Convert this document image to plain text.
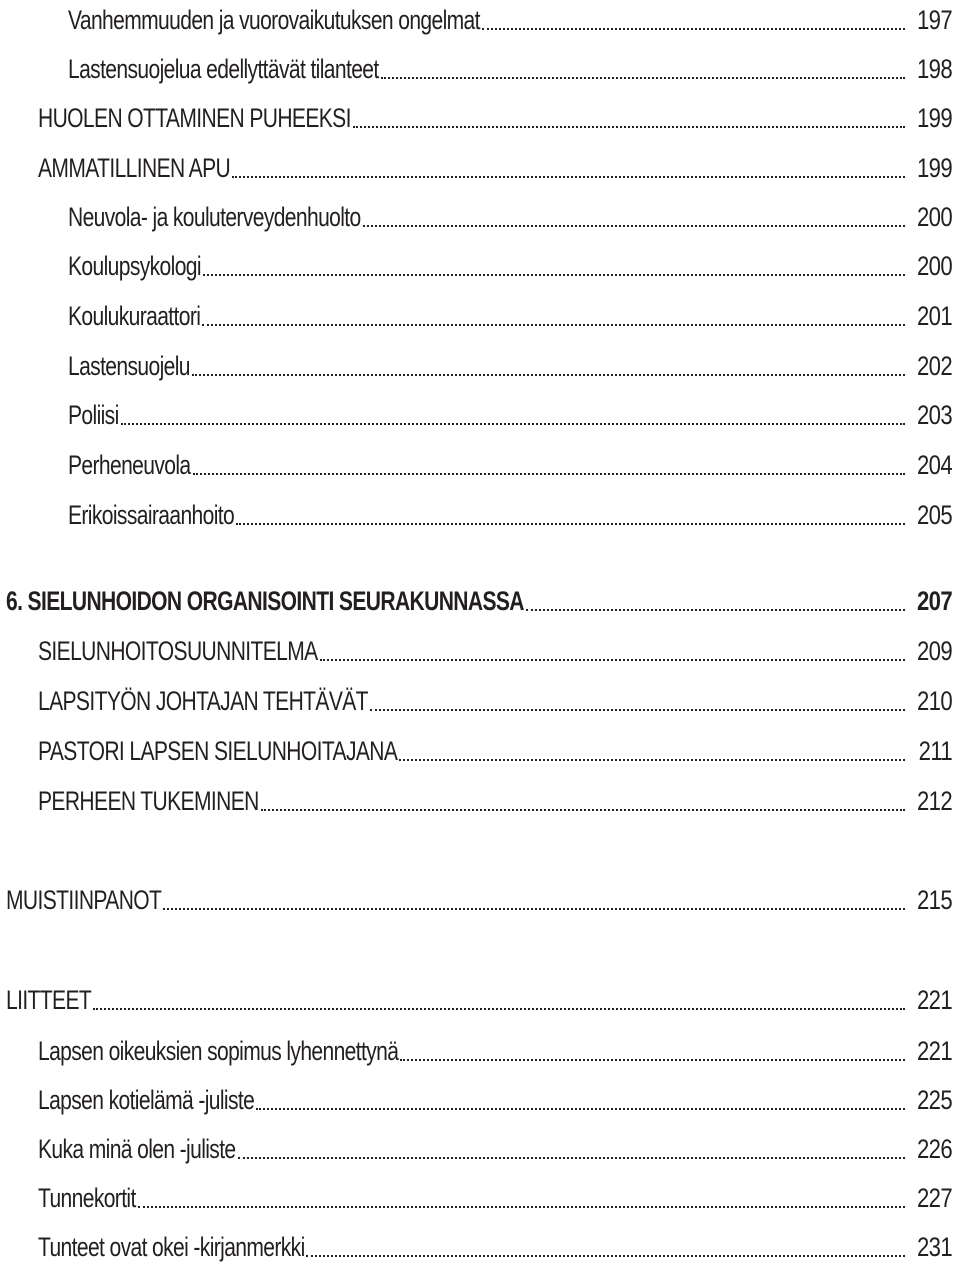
Vanhemmuuden ja vuorovaikutuksen ongelmat	197
Lastensuojelua edellyttävät tilanteet	198
HUOLEN OTTAMINEN PUHEEKSI	199
AMMATILLINEN APU	199
Neuvola- ja kouluterveydenhuolto	200
Koulupsykologi	200
Koulukuraattori	201
Lastensuojelu	202
Poliisi	203
Perheneuvola	204
Erikoissairaanhoito	205
6. SIELUNHOIDON ORGANISOINTI SEURAKUNNASSA	207
SIELUNHOITOSUUNNITELMA	209
LAPSITYÖN JOHTAJAN TEHTÄVÄT	210
PASTORI LAPSEN SIELUNHOITAJANA	211
PERHEEN TUKEMINEN	212
MUISTIINPANOT	215
LIITTEET	221
Lapsen oikeuksien sopimus lyhennettynä	221
Lapsen kotielämä -juliste	225
Kuka minä olen -juliste	226
Tunnekortit	227
Tunteet ovat okei -kirjanmerkki	231
